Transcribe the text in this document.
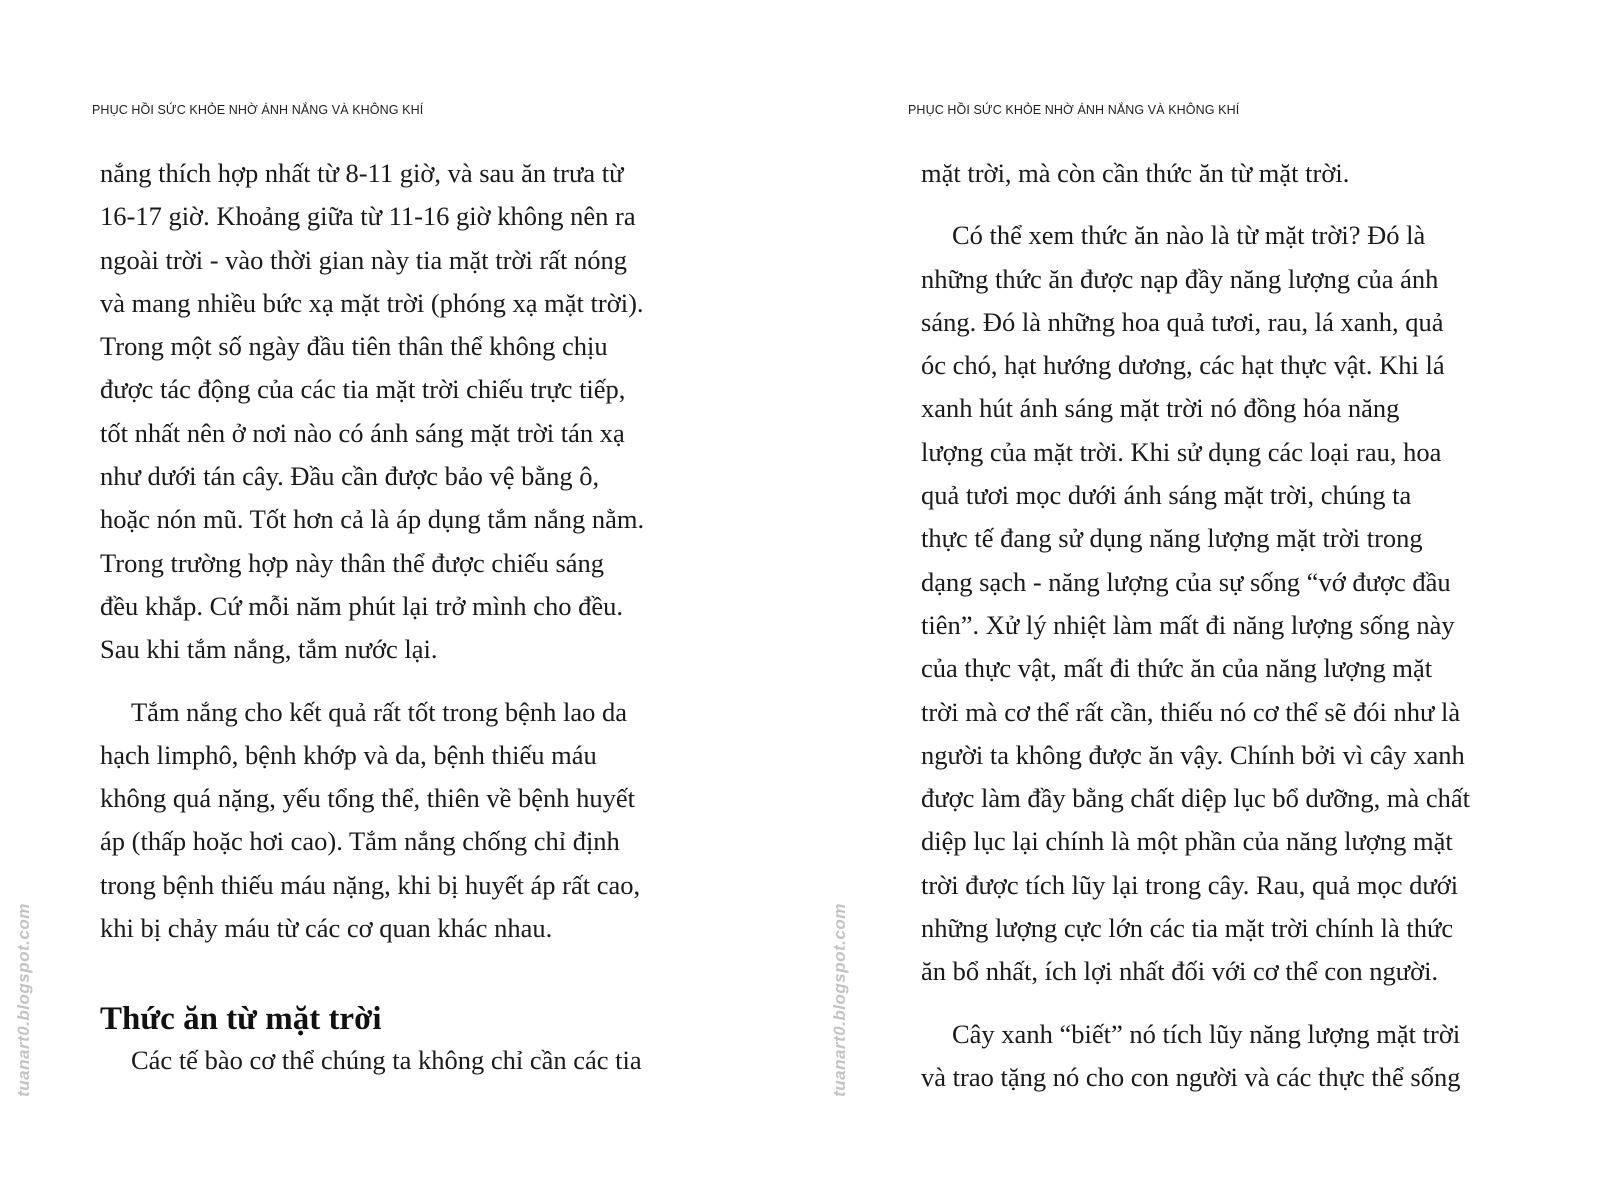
PHỤC HỒI SỨC KHỎE NHỜ ÁNH NẮNG VÀ KHÔNG KHÍ
nắng thích hợp nhất từ 8-11 giờ, và sau ăn trưa từ
16-17 giờ. Khoảng giữa từ 11-16 giờ không nên ra
ngoài trời - vào thời gian này tia mặt trời rất nóng
và mang nhiều bức xạ mặt trời (phóng xạ mặt trời).
Trong một số ngày đầu tiên thân thể không chịu
được tác động của các tia mặt trời chiếu trực tiếp,
tốt nhất nên ở nơi nào có ánh sáng mặt trời tán xạ
như dưới tán cây. Đầu cần được bảo vệ bằng ô,
hoặc nón mũ. Tốt hơn cả là áp dụng tắm nắng nằm.
Trong trường hợp này thân thể được chiếu sáng
đều khắp. Cứ mỗi năm phút lại trở mình cho đều.
Sau khi tắm nắng, tắm nước lại.
Tắm nắng cho kết quả rất tốt trong bệnh lao da
hạch limphô, bệnh khớp và da, bệnh thiếu máu
không quá nặng, yếu tổng thể, thiên về bệnh huyết
áp (thấp hoặc hơi cao). Tắm nắng chống chỉ định
trong bệnh thiếu máu nặng, khi bị huyết áp rất cao,
khi bị chảy máu từ các cơ quan khác nhau.
Thức ăn từ mặt trời
Các tế bào cơ thể chúng ta không chỉ cần các tia
tuanart0.blogspot.com
PHỤC HỒI SỨC KHỎE NHỜ ÁNH NẮNG VÀ KHÔNG KHÍ
mặt trời, mà còn cần thức ăn từ mặt trời.
Có thể xem thức ăn nào là từ mặt trời? Đó là
những thức ăn được nạp đầy năng lượng của ánh
sáng. Đó là những hoa quả tươi, rau, lá xanh, quả
óc chó, hạt hướng dương, các hạt thực vật. Khi lá
xanh hút ánh sáng mặt trời nó đồng hóa năng
lượng của mặt trời. Khi sử dụng các loại rau, hoa
quả tươi mọc dưới ánh sáng mặt trời, chúng ta
thực tế đang sử dụng năng lượng mặt trời trong
dạng sạch - năng lượng của sự sống “vớ được đầu
tiên”. Xử lý nhiệt làm mất đi năng lượng sống này
của thực vật, mất đi thức ăn của năng lượng mặt
trời mà cơ thể rất cần, thiếu nó cơ thể sẽ đói như là
người ta không được ăn vậy. Chính bởi vì cây xanh
được làm đầy bằng chất diệp lục bổ dưỡng, mà chất
diệp lục lại chính là một phần của năng lượng mặt
trời được tích lũy lại trong cây. Rau, quả mọc dưới
những lượng cực lớn các tia mặt trời chính là thức
ăn bổ nhất, ích lợi nhất đối với cơ thể con người.
Cây xanh “biết” nó tích lũy năng lượng mặt trời
và trao tặng nó cho con người và các thực thể sống
tuanart0.blogspot.com
